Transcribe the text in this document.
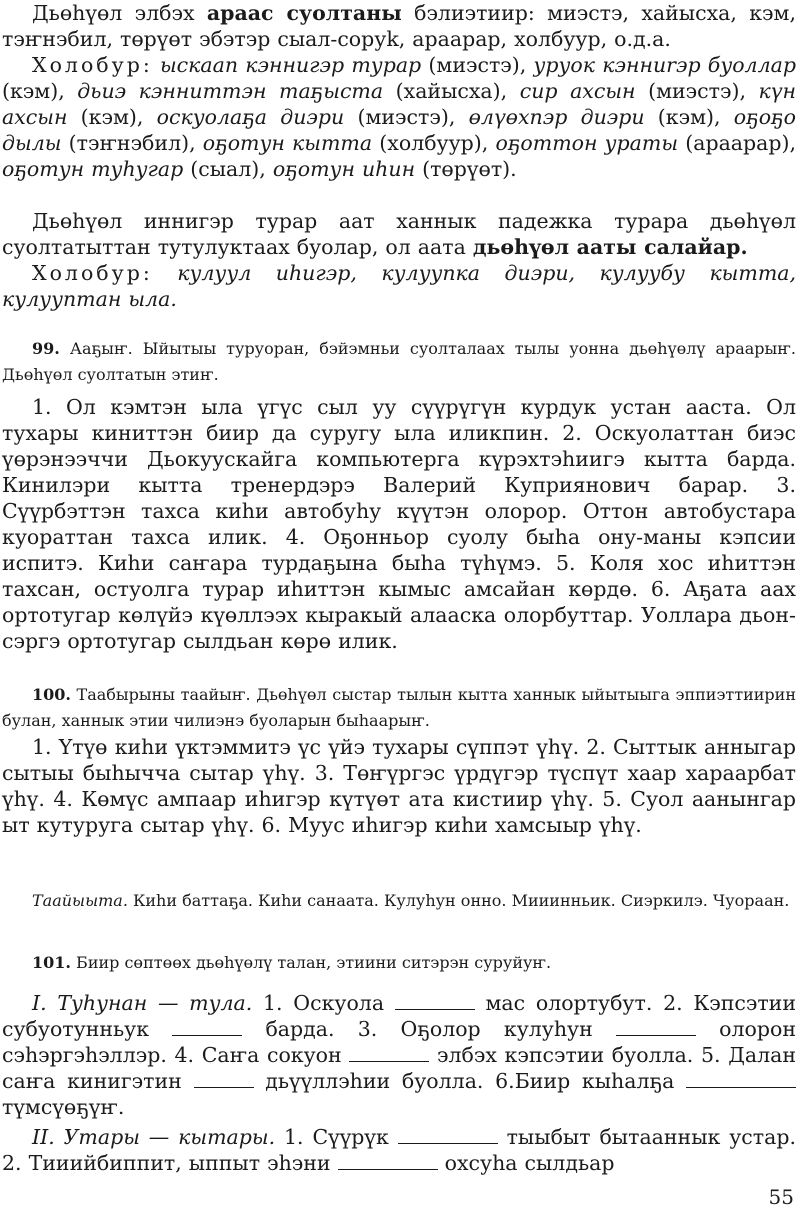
Дьөһүөл элбэх араас суолтаны бэлиэтиир: миэстэ, хайысха, кэм, тэҥнэбил, төрүөт эбэтэр сыал-соруk, араарар, холбуур, о.д.а.

Холобур: ыскаап кэннигэр турар (миэстэ), уруок кэнниrэр буоллар (кэм), дьиэ кэнниттэн таҕыста (хайысха), сир ахсын (миэстэ), күн ахсын (кэм), оскуолаҕа диэри (миэстэ), өлүөхпэр диэри (кэм), оҕоҕо дылы (тэҥнэбил), оҕотун кытта (холбуур), оҕоттон ураты (араарар), оҕотун туһугар (сыал), оҕотун иһин (төрүөт).

Дьөһүөл иннигэр турар аат ханнык падежка турара дьөһүөл суолтатыттан тутулуктаах буолар, ол аата дьөһүөл ааты салайар.

Холобур: кулуул иһигэр, кулуупка диэри, кулуубу кытта, кулууптан ыла.

99. Ааҕыҥ. Ыйытыы туруоран, бэйэмньи суолталаах тылы уонна дьөһүөлү араарыҥ. Дьөһүөл суолтатын этиҥ.

1. Ол кэмтэн ыла үгүс сыл уу сүүрүгүн курдук устан ааста. Ол тухары киниттэн биир да суругу ыла иликпин. 2. Оскуолаттан биэс үөрэнээччи Дьокуускайга компьютерга күрэхтэһиигэ кытта барда. Кинилэри кытта тренердэрэ Валерий Куприянович барар. 3. Сүүрбэттэн тахса киһи автобуһу күүтэн олорор. Оттон автобустара куораттан тахса илик. 4. Оҕонньор суолу быһа ону-маны кэпсии испитэ. Киһи саҥара турдаҕына быһа түһүмэ. 5. Коля хос иһиттэн тахсан, остуолга турар иһиттэн кымыс амсайан көрдө. 6. Аҕата аах ортотугар көлүйэ күөллээх кыракый алааска олорбуттар. Уоллара дьон-сэргэ ортотугар сылдьан көрө илик.

100. Таабырыны таайыҥ. Дьөһүөл сыстар тылын кытта ханнык ыйытыыга эппиэттиирин булан, ханнык этии чилиэнэ буоларын быһаарыҥ.

1. Үтүө киһи үктэммитэ үс үйэ тухары сүппэт үһү. 2. Сыттык анныгар сытыы быһычча сытар үһү. 3. Төҥүргэс үрдүгэр түспүт хаар хараарбат үһү. 4. Көмүс ампаар иһигэр күтүөт ата кистиир үһү. 5. Суол аанынгар ыт кутуруга сытар үһү. 6. Муус иһигэр киһи хамсыыр үһү.

Таайыыта. Киһи баттаҕа. Киһи санаата. Кулуһун онно. Мииинньик. Сиэркилэ. Чуораан.

101. Биир сөптөөх дьөһүөлү талан, этиини ситэрэн суруйуҥ.

I. Туһунан — тула. 1. Оскуола	мас олортубут. 2. Кэпсэтии субуотунньук	барда. 3. Оҕолор кулуһун	олорон сэһэргэһэллэр. 4. Саҥа сокуон	элбэх кэпсэтии буолла. 5. Далан саҥа кинигэтин	дьүүллэһии буолла. 6.Биир кыһалҕа  түмсүөҕүҥ.

II. Утары — кытары. 1. Сүүрүк	тыыбыт бытааннык устар. 2. Тииийбиппит, ыппыт эһэни	охсуһа сылдьар

55
